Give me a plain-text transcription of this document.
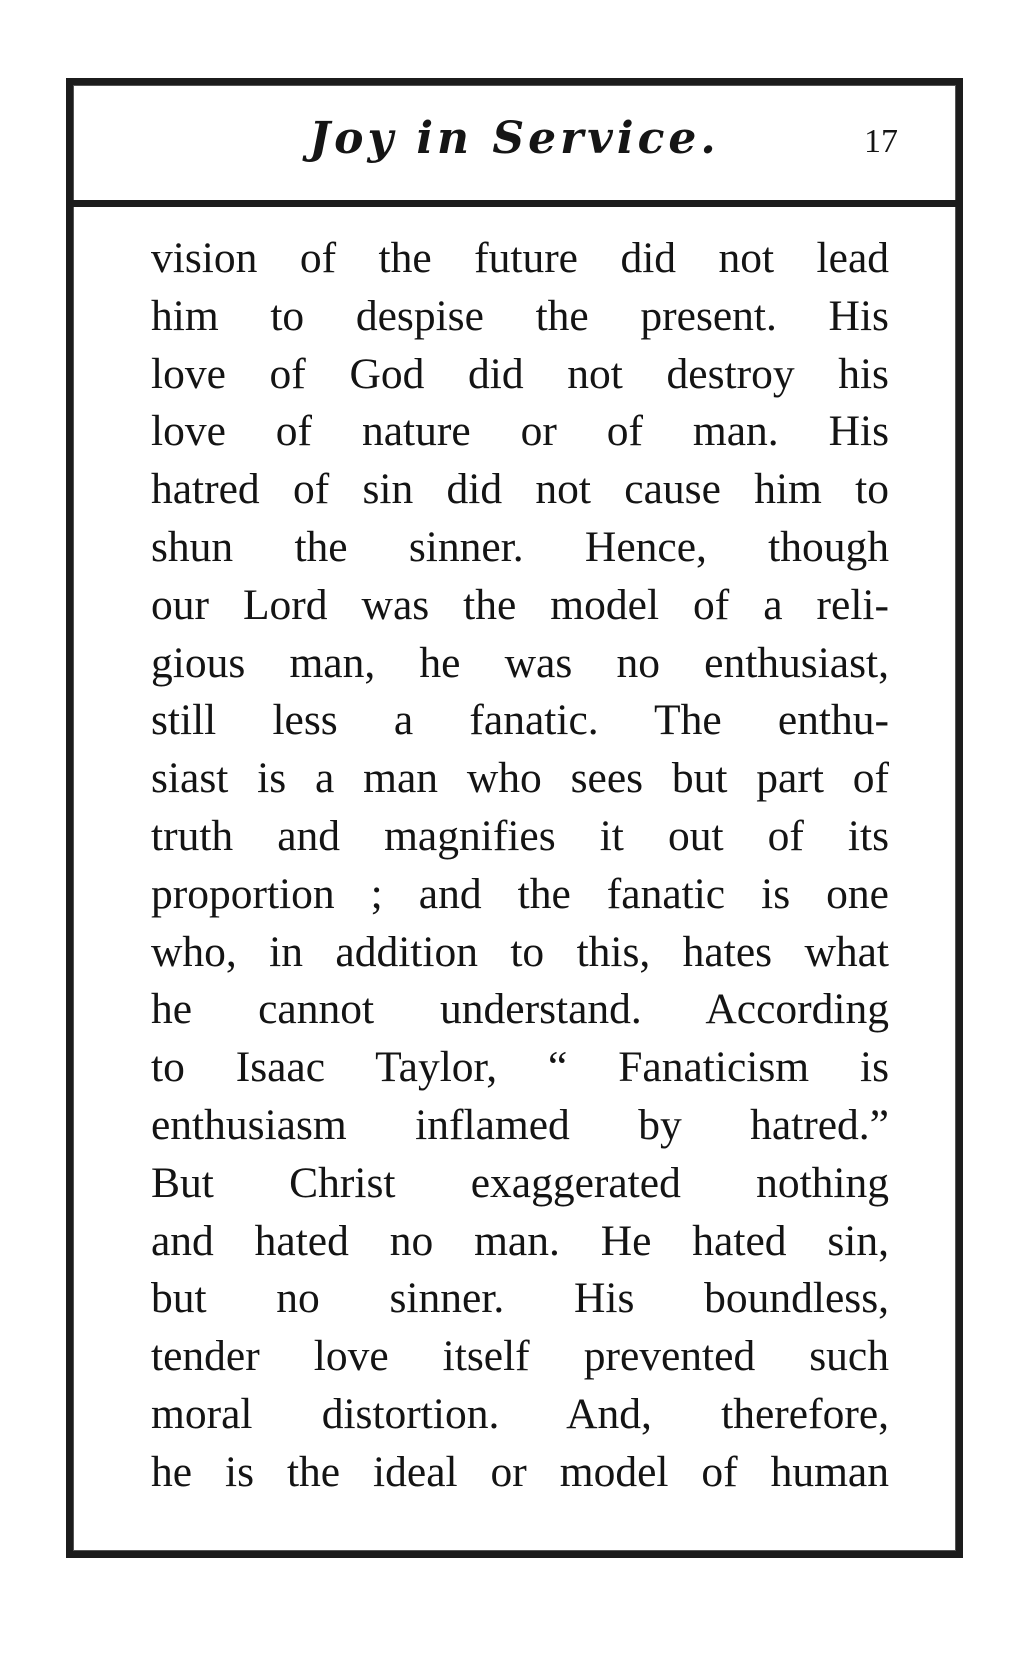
Joy in Service.	17
vision of the future did not lead
him to despise the present. His
love of God did not destroy his
love of nature or of man. His
hatred of sin did not cause him to
shun the sinner. Hence, though
our Lord was the model of a reli-
gious man, he was no enthusiast,
still less a fanatic. The enthu-
siast is a man who sees but part of
truth and magnifies it out of its
proportion ; and the fanatic is one
who, in addition to this, hates what
he cannot understand. According
to Isaac Taylor, “ Fanaticism is
enthusiasm inflamed by hatred.”
But Christ exaggerated nothing
and hated no man. He hated sin,
but no sinner. His boundless,
tender love itself prevented such
moral distortion. And, therefore,
he is the ideal or model of human
